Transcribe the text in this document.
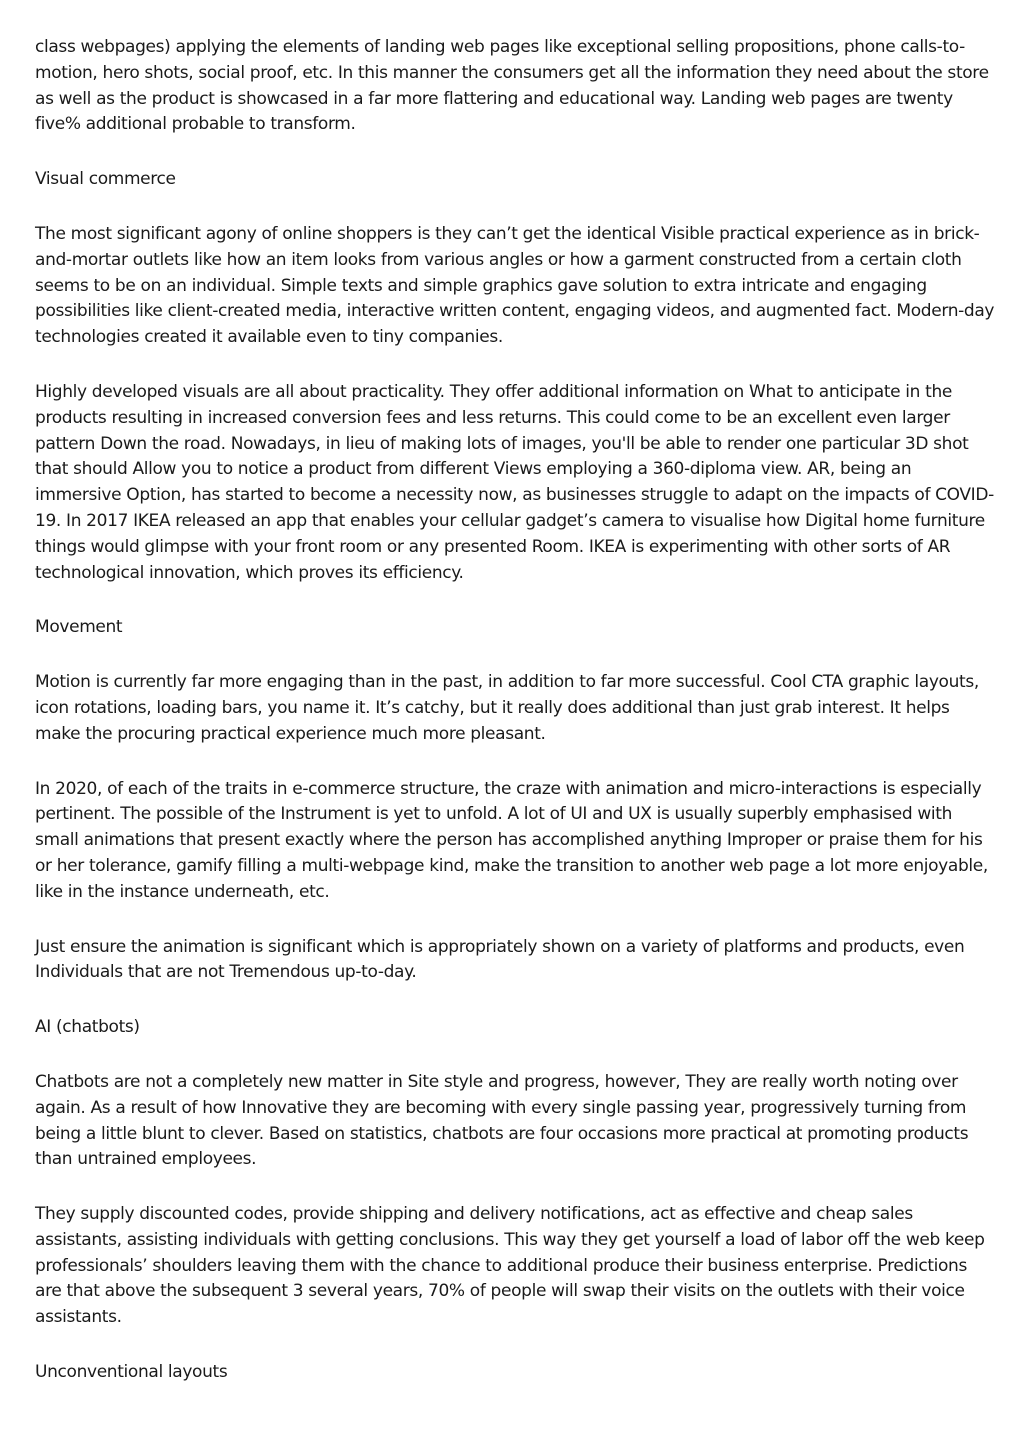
class webpages) applying the elements of landing web pages like exceptional selling propositions, phone calls-to-motion, hero shots, social proof, etc. In this manner the consumers get all the information they need about the store as well as the product is showcased in a far more flattering and educational way. Landing web pages are twenty five% additional probable to transform.

Visual commerce

The most significant agony of online shoppers is they can’t get the identical Visible practical experience as in brick-and-mortar outlets like how an item looks from various angles or how a garment constructed from a certain cloth seems to be on an individual. Simple texts and simple graphics gave solution to extra intricate and engaging possibilities like client-created media, interactive written content, engaging videos, and augmented fact. Modern-day technologies created it available even to tiny companies.

Highly developed visuals are all about practicality. They offer additional information on What to anticipate in the products resulting in increased conversion fees and less returns. This could come to be an excellent even larger pattern Down the road. Nowadays, in lieu of making lots of images, you'll be able to render one particular 3D shot that should Allow you to notice a product from different Views employing a 360-diploma view. AR, being an immersive Option, has started to become a necessity now, as businesses struggle to adapt on the impacts of COVID-19. In 2017 IKEA released an app that enables your cellular gadget’s camera to visualise how Digital home furniture things would glimpse with your front room or any presented Room. IKEA is experimenting with other sorts of AR technological innovation, which proves its efficiency.

Movement

Motion is currently far more engaging than in the past, in addition to far more successful. Cool CTA graphic layouts, icon rotations, loading bars, you name it. It’s catchy, but it really does additional than just grab interest. It helps make the procuring practical experience much more pleasant.

In 2020, of each of the traits in e-commerce structure, the craze with animation and micro-interactions is especially pertinent. The possible of the Instrument is yet to unfold. A lot of UI and UX is usually superbly emphasised with small animations that present exactly where the person has accomplished anything Improper or praise them for his or her tolerance, gamify filling a multi-webpage kind, make the transition to another web page a lot more enjoyable, like in the instance underneath, etc.

Just ensure the animation is significant which is appropriately shown on a variety of platforms and products, even Individuals that are not Tremendous up-to-day.

AI (chatbots)

Chatbots are not a completely new matter in Site style and progress, however, They are really worth noting over again. As a result of how Innovative they are becoming with every single passing year, progressively turning from being a little blunt to clever. Based on statistics, chatbots are four occasions more practical at promoting products than untrained employees.

They supply discounted codes, provide shipping and delivery notifications, act as effective and cheap sales assistants, assisting individuals with getting conclusions. This way they get yourself a load of labor off the web keep professionals’ shoulders leaving them with the chance to additional produce their business enterprise. Predictions are that above the subsequent 3 several years, 70% of people will swap their visits on the outlets with their voice assistants.

Unconventional layouts
